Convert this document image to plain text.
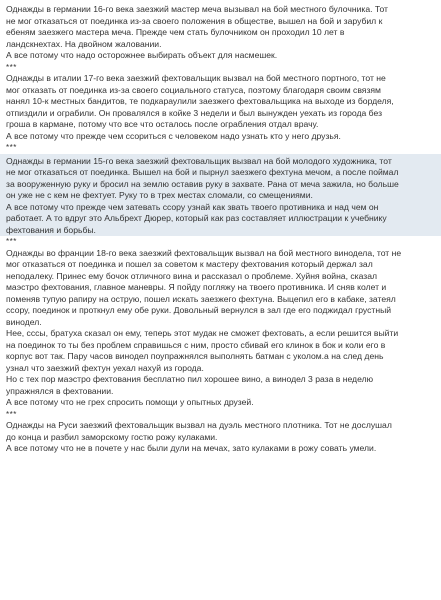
Однажды в германии 16-го века заезжий мастер меча вызывал на бой местного булочника. Тот
не мог отказаться от поединка из-за своего положения в обществе, вышел на бой и зарубил к
ебеням заезжего мастера меча. Прежде чем стать булочником он проходил 10 лет в
ландскнехтах. На двойном жаловании.
А все потому что надо осторожнее выбирать объект для насмешек.
***
Однажды в италии 17-го века заезжий фехтовальщик вызвал на бой местного портного, тот не
мог отказать от поединка из-за своего социального статуса, поэтому благодаря своим связям
нанял 10-к местных бандитов, те подкараулили заезжего фехтовальщика на выходе из борделя,
отпиздили и ограбили. Он провалялся в койке 3 недели и был вынужден уехать из города без
гроша в кармане, потому что все что осталось после ограбления отдал врачу.
А все потому что прежде чем ссориться с человеком надо узнать кто у него друзья.
***
Однажды в германии 15-го века заезжий фехтовальщик вызвал на бой молодого художника, тот
не мог отказаться от поединка. Вышел на бой и пырнул заезжего фехтуна мечом, а после поймал
за вооруженную руку и бросил на землю оставив руку в захвате. Рана от меча зажила, но больше
он уже не с кем не фехтует. Руку то в трех местах сломали, со смещениями.
А все потому что прежде чем затевать ссору узнай как звать твоего противника и над чем он
работает. А то вдруг это Альбрехт Дюрер, который как раз составляет иллюстрации к учебнику
фехтования и борьбы.
***
Однажды во франции 18-го века заезжий фехтовальщик вызвал на бой местного винодела, тот не
мог отказаться от поединка и пошел за советом к мастеру фехтования который держал зал
неподалеку. Принес ему бочок отличного вина и рассказал о проблеме. Хуйня война, сказал
маэстро фехтования, главное маневры. Я пойду погляжу на твоего противника. И сняв колет и
поменяв тупую рапиру на острую, пошел искать заезжего фехтуна. Выцепил его в кабаке, затеял
ссору, поединок и проткнул ему обе руки. Довольный вернулся в зал где его поджидал грустный
винодел.
Нее, сссы, братуха сказал он ему, теперь этот мудак не сможет фехтовать, а если решится выйти
на поединок то ты без проблем справишься с ним, просто сбивай его клинок в бок и коли его в
корпус вот так. Пару часов винодел поупражнялся выполнять батман с уколом.а на след день
узнал что заезжий фехтун уехал нахуй из города.
Но с тех пор маэстро фехтования бесплатно пил хорошее вино, а винодел 3 раза в неделю
упражнялся в фехтовании.
А все потому что не грех спросить помощи у опытных друзей.
***
Однажды на Руси заезжий фехтовальщик вызвал на дуэль местного плотника. Тот не дослушал
до конца и разбил заморскому гостю рожу кулаками.
А все потому что не в почете у нас были дули на мечах, зато кулаками в рожу совать умели.
